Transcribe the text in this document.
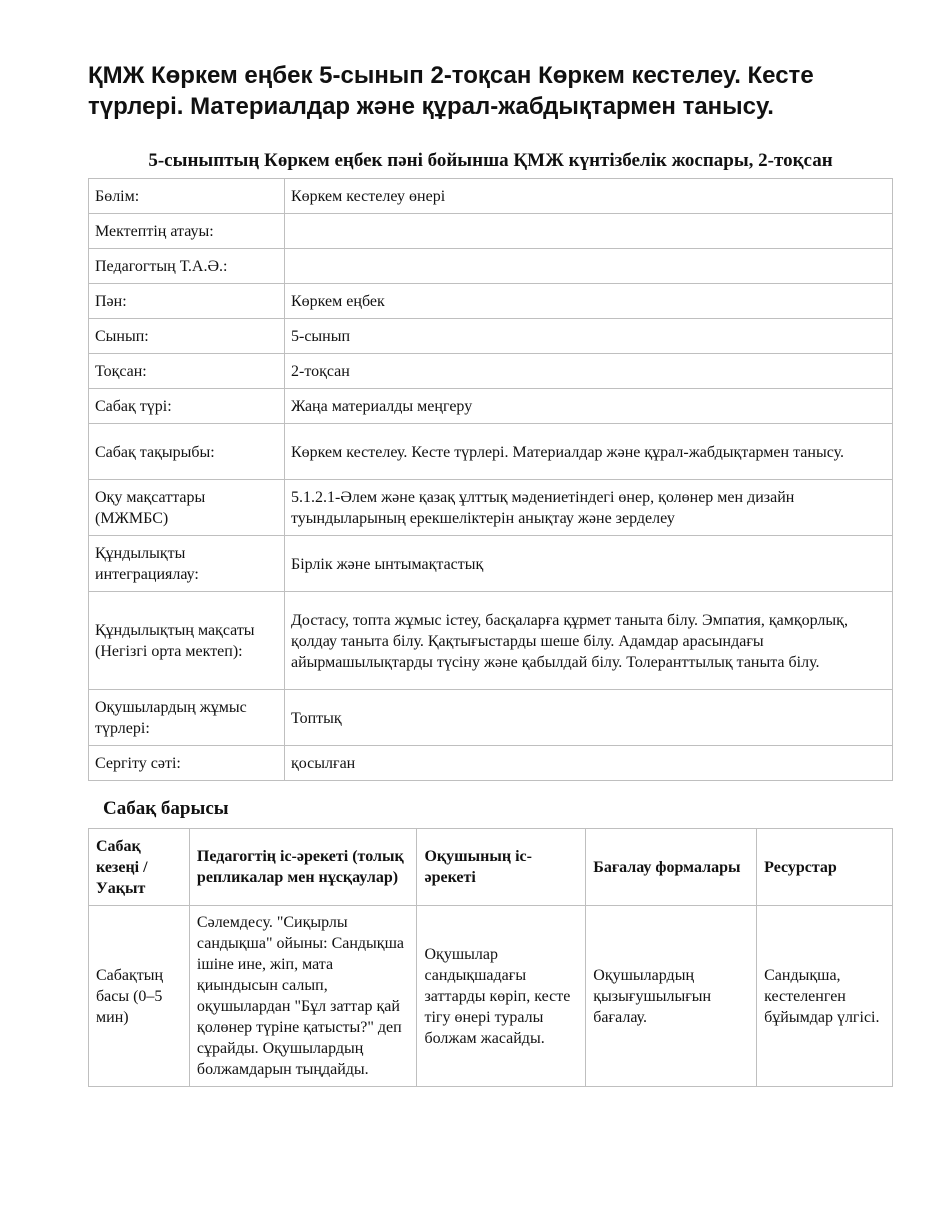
ҚМЖ Көркем еңбек 5-сынып 2-тоқсан Көркем кестелеу. Кесте түрлері. Материалдар және құрал-жабдықтармен танысу.
5-сыныптың Көркем еңбек пәні бойынша ҚМЖ күнтізбелік жоспары, 2-тоқсан
Бөлім:	Көркем кестелеу өнері
Мектептің атауы:	
Педагогтың Т.А.Ә.:	
Пән:	Көркем еңбек
Сынып:	5-сынып
Тоқсан:	2-тоқсан
Сабақ түрі:	Жаңа материалды меңгеру
Сабақ тақырыбы:	Көркем кестелеу. Кесте түрлері. Материалдар және құрал-жабдықтармен танысу.
Оқу мақсаттары (МЖМБС)	5.1.2.1-Әлем және қазақ ұлттық мәдениетіндегі өнер, қолөнер мен дизайн туындыларының ерекшеліктерін анықтау және зерделеу
Құндылықты интеграциялау:	Бірлік және ынтымақтастық
Құндылықтың мақсаты (Негізгі орта мектеп):	Достасу, топта жұмыс істеу, басқаларға құрмет таныта білу. Эмпатия, қамқорлық, қолдау таныта білу. Қақтығыстарды шеше білу. Адамдар арасындағы айырмашылықтарды түсіну және қабылдай білу. Толеранттылық таныта білу.
Оқушылардың жұмыс түрлері:	Топтық
Сергіту сәті:	қосылған
Сабақ барысы
Сабақ кезеңі / Уақыт	Педагогтің іс-әрекеті (толық репликалар мен нұсқаулар)	Оқушының іс-әрекеті	Бағалау формалары	Ресурстар
Сабақтың басы (0–5 мин)	Сәлемдесу. "Сиқырлы сандықша" ойыны: Сандықша ішіне ине, жіп, мата қиындысын салып, оқушылардан "Бұл заттар қай қолөнер түріне қатысты?" деп сұрайды. Оқушылардың болжамдарын тыңдайды.	Оқушылар сандықшадағы заттарды көріп, кесте тігу өнері туралы болжам жасайды.	Оқушылардың қызығушылығын бағалау.	Сандықша, кестеленген бұйымдар үлгісі.
